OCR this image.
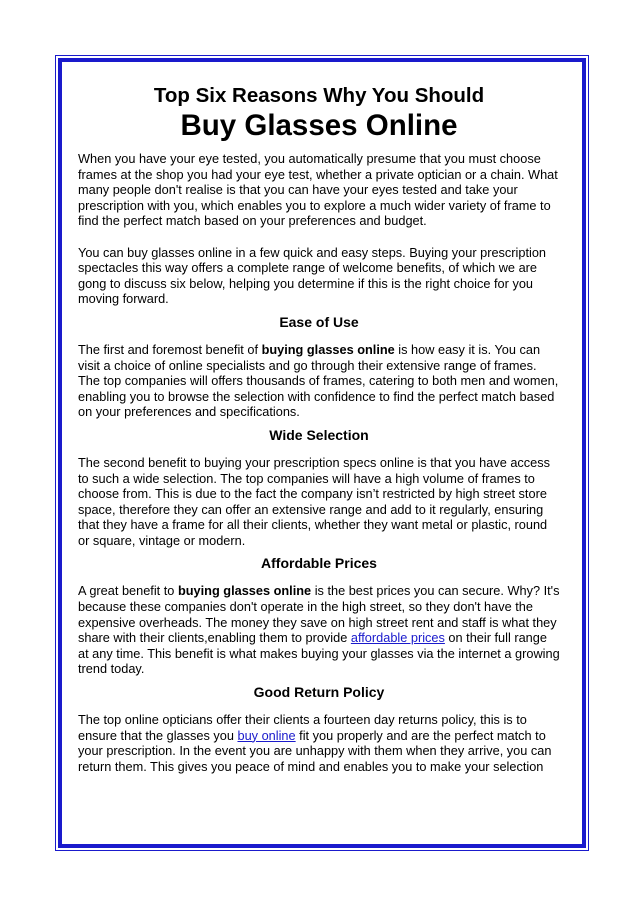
Top Six Reasons Why You Should
Buy Glasses Online

When you have your eye tested, you automatically presume that you must choose frames at the shop you had your eye test, whether a private optician or a chain. What many people don't realise is that you can have your eyes tested and take your prescription with you, which enables you to explore a much wider variety of frame to find the perfect match based on your preferences and budget.

You can buy glasses online in a few quick and easy steps. Buying your prescription spectacles this way offers a complete range of welcome benefits, of which we are gong to discuss six below, helping you determine if this is the right choice for you moving forward.

Ease of Use

The first and foremost benefit of buying glasses online is how easy it is. You can visit a choice of online specialists and go through their extensive range of frames. The top companies will offers thousands of frames, catering to both men and women, enabling you to browse the selection with confidence to find the perfect match based on your preferences and specifications.

Wide Selection

The second benefit to buying your prescription specs online is that you have access to such a wide selection. The top companies will have a high volume of frames to choose from. This is due to the fact the company isn’t restricted by high street store space, therefore they can offer an extensive range and add to it regularly, ensuring that they have a frame for all their clients, whether they want metal or plastic, round or square, vintage or modern.

Affordable Prices

A great benefit to buying glasses online is the best prices you can secure. Why? It's because these companies don't operate in the high street, so they don't have the expensive overheads. The money they save on high street rent and staff is what they share with their clients,enabling them to provide affordable prices on their full range at any time. This benefit is what makes buying your glasses via the internet a growing trend today.

Good Return Policy

The top online opticians offer their clients a fourteen day returns policy, this is to ensure that the glasses you buy online fit you properly and are the perfect match to your prescription. In the event you are unhappy with them when they arrive, you can return them. This gives you peace of mind and enables you to make your selection
